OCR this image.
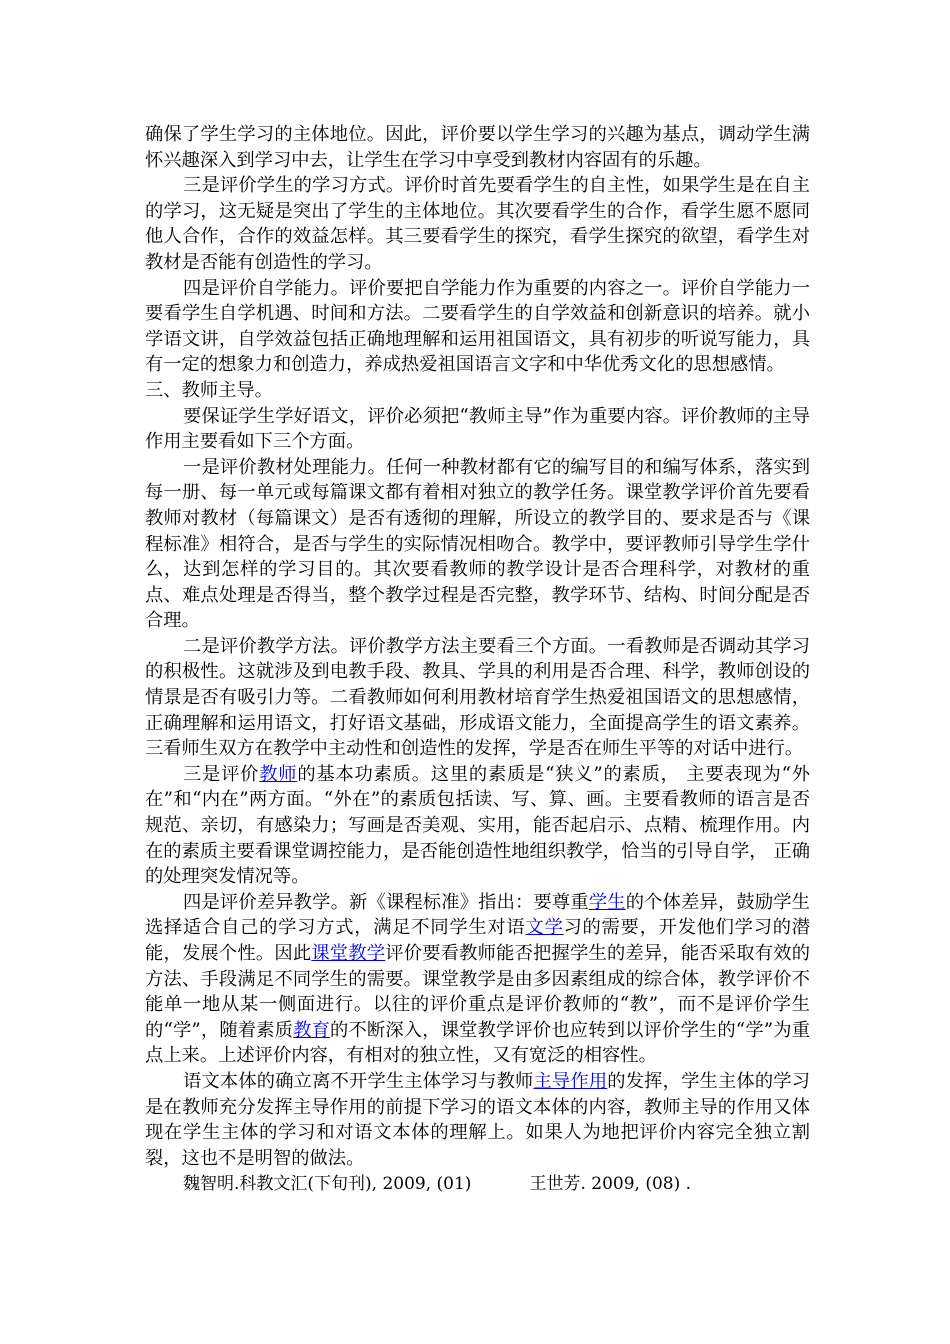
确保了学生学习的主体地位。因此，评价要以学生学习的兴趣为基点，调动学生满怀兴趣深入到学习中去，让学生在学习中享受到教材内容固有的乐趣。

三是评价学生的学习方式。评价时首先要看学生的自主性，如果学生是在自主的学习，这无疑是突出了学生的主体地位。其次要看学生的合作，看学生愿不愿同他人合作，合作的效益怎样。其三要看学生的探究，看学生探究的欲望，看学生对教材是否能有创造性的学习。

四是评价自学能力。评价要把自学能力作为重要的内容之一。评价自学能力一要看学生自学机遇、时间和方法。二要看学生的自学效益和创新意识的培养。就小学语文讲，自学效益包括正确地理解和运用祖国语文，具有初步的听说写能力，具有一定的想象力和创造力，养成热爱祖国语言文字和中华优秀文化的思想感情。

三、教师主导。

要保证学生学好语文，评价必须把“教师主导”作为重要内容。评价教师的主导作用主要看如下三个方面。

一是评价教材处理能力。任何一种教材都有它的编写目的和编写体系，落实到每一册、每一单元或每篇课文都有着相对独立的教学任务。课堂教学评价首先要看教师对教材（每篇课文）是否有透彻的理解，所设立的教学目的、要求是否与《课程标准》相符合，是否与学生的实际情况相吻合。教学中，要评教师引导学生学什么，达到怎样的学习目的。其次要看教师的教学设计是否合理科学，对教材的重点、难点处理是否得当，整个教学过程是否完整，教学环节、结构、时间分配是否合理。

二是评价教学方法。评价教学方法主要看三个方面。一看教师是否调动其学习的积极性。这就涉及到电教手段、教具、学具的利用是否合理、科学，教师创设的情景是否有吸引力等。二看教师如何利用教材培育学生热爱祖国语文的思想感情，正确理解和运用语文，打好语文基础，形成语文能力，全面提高学生的语文素养。三看师生双方在教学中主动性和创造性的发挥，学是否在师生平等的对话中进行。

三是评价教师的基本功素质。这里的素质是“狭义”的素质， 主要表现为“外在”和“内在”两方面。“外在”的素质包括读、写、算、画。主要看教师的语言是否规范、亲切，有感染力；写画是否美观、实用，能否起启示、点精、梳理作用。内在的素质主要看课堂调控能力，是否能创造性地组织教学，恰当的引导自学， 正确的处理突发情况等。

四是评价差异教学。新《课程标准》指出：要尊重学生的个体差异，鼓励学生选择适合自己的学习方式，满足不同学生对语文学习的需要，开发他们学习的潜能，发展个性。因此课堂教学评价要看教师能否把握学生的差异，能否采取有效的方法、手段满足不同学生的需要。课堂教学是由多因素组成的综合体，教学评价不能单一地从某一侧面进行。以往的评价重点是评价教师的“教”，而不是评价学生的“学”，随着素质教育的不断深入，课堂教学评价也应转到以评价学生的“学”为重点上来。上述评价内容，有相对的独立性，又有宽泛的相容性。

语文本体的确立离不开学生主体学习与教师主导作用的发挥，学生主体的学习是在教师充分发挥主导作用的前提下学习的语文本体的内容，教师主导的作用又体现在学生主体的学习和对语文本体的理解上。如果人为地把评价内容完全独立割裂，这也不是明智的做法。

魏智明.科教文汇(下旬刊), 2009, (01)	王世芳. 2009, (08) .
